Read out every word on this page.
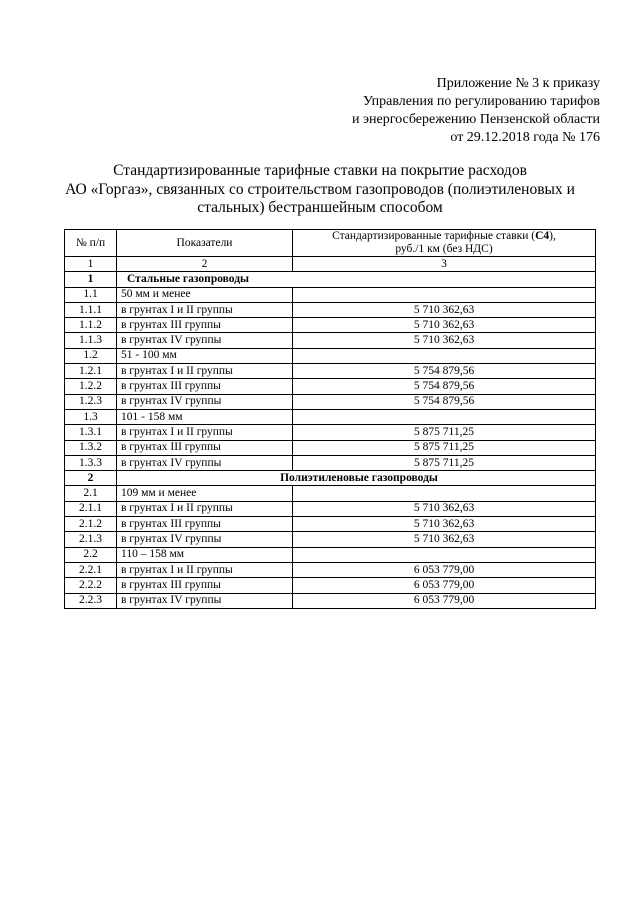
Приложение № 3 к приказу
Управления по регулированию тарифов
и энергосбережению Пензенской области
от 29.12.2018 года № 176
Стандартизированные тарифные ставки на покрытие расходов
АО «Горгаз», связанных со строительством газопроводов (полиэтиленовых и
стальных) бестраншейным способом
№ п/п	Показатели	Стандартизированные тарифные ставки (С4),
руб./1 км (без НДС)
1	2	3
1	Стальные газопроводы	
1.1	50 мм и менее	
1.1.1	в грунтах I и II группы	5 710 362,63
1.1.2	в грунтах III группы	5 710 362,63
1.1.3	в грунтах IV группы	5 710 362,63
1.2	51 - 100 мм	
1.2.1	в грунтах I и II группы	5 754 879,56
1.2.2	в грунтах III группы	5 754 879,56
1.2.3	в грунтах IV группы	5 754 879,56
1.3	101 - 158 мм	
1.3.1	в грунтах I и II группы	5 875 711,25
1.3.2	в грунтах III группы	5 875 711,25
1.3.3	в грунтах IV группы	5 875 711,25
2	Полиэтиленовые газопроводы	
2.1	109 мм и менее	
2.1.1	в грунтах I и II группы	5 710 362,63
2.1.2	в грунтах III группы	5 710 362,63
2.1.3	в грунтах IV группы	5 710 362,63
2.2	110 – 158 мм	
2.2.1	в грунтах I и II группы	6 053 779,00
2.2.2	в грунтах III группы	6 053 779,00
2.2.3	в грунтах IV группы	6 053 779,00
